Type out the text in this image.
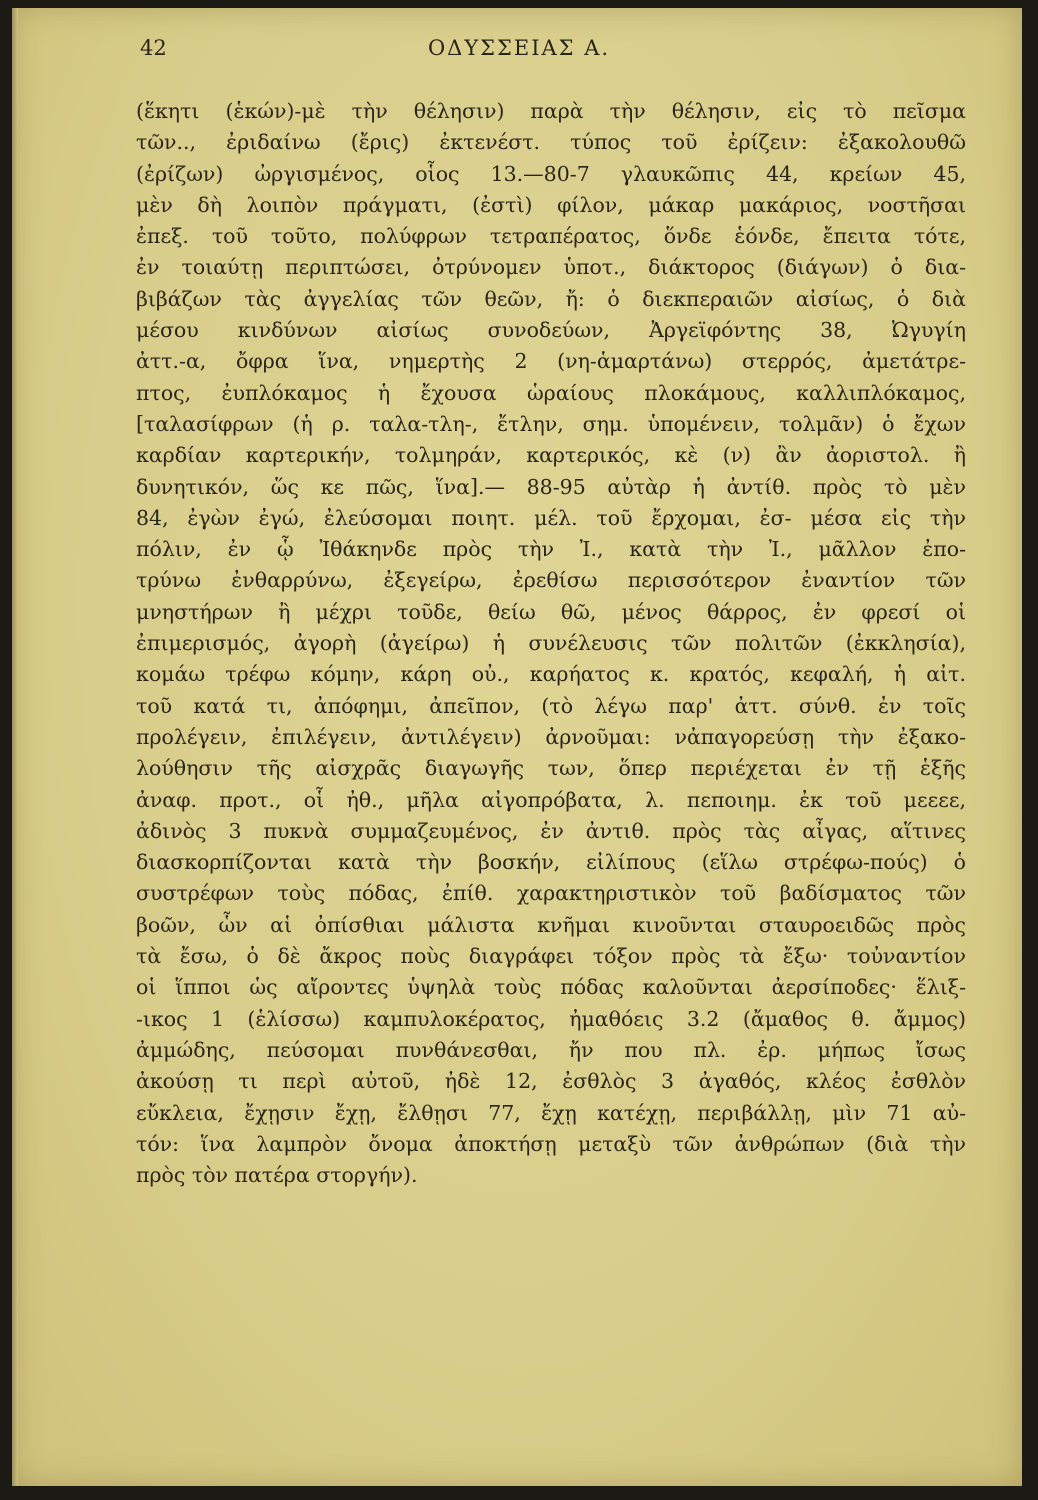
42	ΟΔΥΣΣΕΙΑΣ Α.
(ἕκητι (ἑκών)-μὲ τὴν θέλησιν) παρὰ τὴν θέλησιν, εἰς τὸ πεῖσμα
τῶν.., ἐριδαίνω (ἔρις) ἐκτενέστ. τύπος τοῦ ἐρίζειν: ἐξακολουθῶ
(ἐρίζων) ὠργισμένος, οἷος 13.—80-7 γλαυκῶπις 44, κρείων 45,
μὲν δὴ λοιπὸν πράγματι, (ἐστὶ) φίλον, μάκαρ μακάριος, νοστῆσαι
ἐπεξ. τοῦ τοῦτο, πολύφρων τετραπέρατος, ὅνδε ἑόνδε, ἔπειτα τότε,
ἐν τοιαύτῃ περιπτώσει, ὀτρύνομεν ὑποτ., διάκτορος (διάγων) ὁ δια-
βιβάζων τὰς ἀγγελίας τῶν θεῶν, ἤ: ὁ διεκπεραιῶν αἰσίως, ὁ διὰ
μέσου κινδύνων αἰσίως συνοδεύων, Ἀργεϊφόντης 38, Ὠγυγίη
ἀττ.-α, ὄφρα ἵνα, νημερτὴς 2 (νη-ἁμαρτάνω) στερρός, ἀμετάτρε-
πτος, ἐυπλόκαμος ἡ ἔχουσα ὡραίους πλοκάμους, καλλιπλόκαμος,
[ταλασίφρων (ἡ ρ. ταλα-τλη-, ἔτλην, σημ. ὑπομένειν, τολμᾶν) ὁ ἔχων
καρδίαν καρτερικήν, τολμηράν, καρτερικός, κὲ (ν) ἂν ἀοριστολ. ἢ
δυνητικόν, ὥς κε πῶς, ἵνα].— 88-95 αὐτὰρ ἡ ἀντίθ. πρὸς τὸ μὲν
84, ἐγὼν ἐγώ, ἐλεύσομαι ποιητ. μέλ. τοῦ ἔρχομαι, ἐσ- μέσα εἰς τὴν
πόλιν, ἐν ᾧ Ἰθάκηνδε πρὸς τὴν Ἰ., κατὰ τὴν Ἰ., μᾶλλον ἐπο-
τρύνω ἐνθαρρύνω, ἐξεγείρω, ἐρεθίσω περισσότερον ἐναντίον τῶν
μνηστήρων ἢ μέχρι τοῦδε, θείω θῶ, μένος θάρρος, ἐν φρεσί οἱ
ἐπιμερισμός, ἀγορὴ (ἀγείρω) ἡ συνέλευσις τῶν πολιτῶν (ἐκκλησία),
κομάω τρέφω κόμην, κάρη οὐ., καρήατος κ. κρατός, κεφαλή, ἡ αἰτ.
τοῦ κατά τι, ἀπόφημι, ἀπεῖπον, (τὸ λέγω παρ' ἀττ. σύνθ. ἐν τοῖς
προλέγειν, ἐπιλέγειν, ἀντιλέγειν) ἀρνοῦμαι: νἀπαγορεύσῃ τὴν ἐξακο-
λούθησιν τῆς αἰσχρᾶς διαγωγῆς των, ὅπερ περιέχεται ἐν τῇ ἑξῆς
ἀναφ. προτ., οἷ ἠθ., μῆλα αἰγοπρόβατα, λ. πεποιημ. ἐκ τοῦ μεεεε,
ἀδινὸς 3 πυκνὰ συμμαζευμένος, ἐν ἀντιθ. πρὸς τὰς αἶγας, αἵτινες
διασκορπίζονται κατὰ τὴν βοσκήν, εἰλίπους (εἵλω στρέφω-πούς) ὁ
συστρέφων τοὺς πόδας, ἐπίθ. χαρακτηριστικὸν τοῦ βαδίσματος τῶν
βοῶν, ὧν αἱ ὀπίσθιαι μάλιστα κνῆμαι κινοῦνται σταυροειδῶς πρὸς
τὰ ἔσω, ὁ δὲ ἄκρος ποὺς διαγράφει τόξον πρὸς τὰ ἔξω· τοὐναντίον
οἱ ἵπποι ὡς αἴροντες ὑψηλὰ τοὺς πόδας καλοῦνται ἀερσίποδες· ἕλιξ-
-ικος 1 (ἑλίσσω) καμπυλοκέρατος, ἠμαθόεις 3.2 (ἄμαθος θ. ἄμμος)
ἀμμώδης, πεύσομαι πυνθάνεσθαι, ἤν που πλ. ἐρ. μήπως ἴσως
ἀκούσῃ τι περὶ αὐτοῦ, ἠδὲ 12, ἐσθλὸς 3 ἀγαθός, κλέος ἐσθλὸν
εὔκλεια, ἔχῃσιν ἔχῃ, ἔλθῃσι 77, ἔχῃ κατέχῃ, περιβάλλῃ, μὶν 71 αὐ-
τόν: ἵνα λαμπρὸν ὄνομα ἀποκτήσῃ μεταξὺ τῶν ἀνθρώπων (διὰ τὴν
πρὸς τὸν πατέρα στοργήν).
